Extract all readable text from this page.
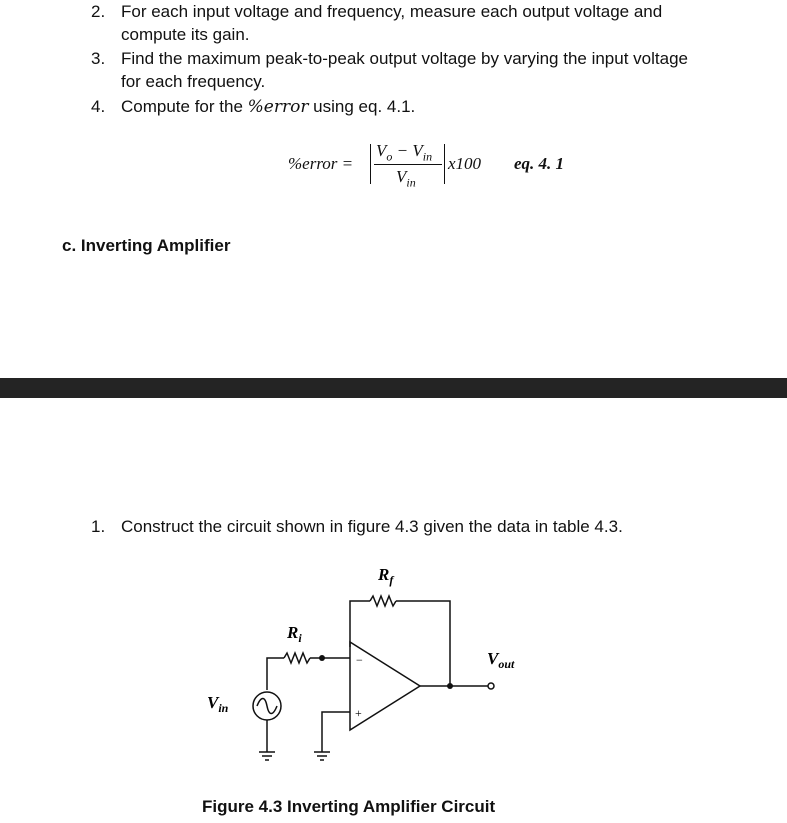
2. For each input voltage and frequency, measure each output voltage and
compute its gain.
3. Find the maximum peak-to-peak output voltage by varying the input voltage
for each frequency.
4. Compute for the %error using eq. 4.1.
%error =
$V_o - V_{in}$
$V_{in}$
x100 eq. 4. 1
c. Inverting Amplifier
1. Construct the circuit shown in figure 4.3 given the data in table 4.3.
−
+
$R_f$
$R_i$
$V_{out}$
$V_{in}$
Figure 4.3 Inverting Amplifier Circuit
